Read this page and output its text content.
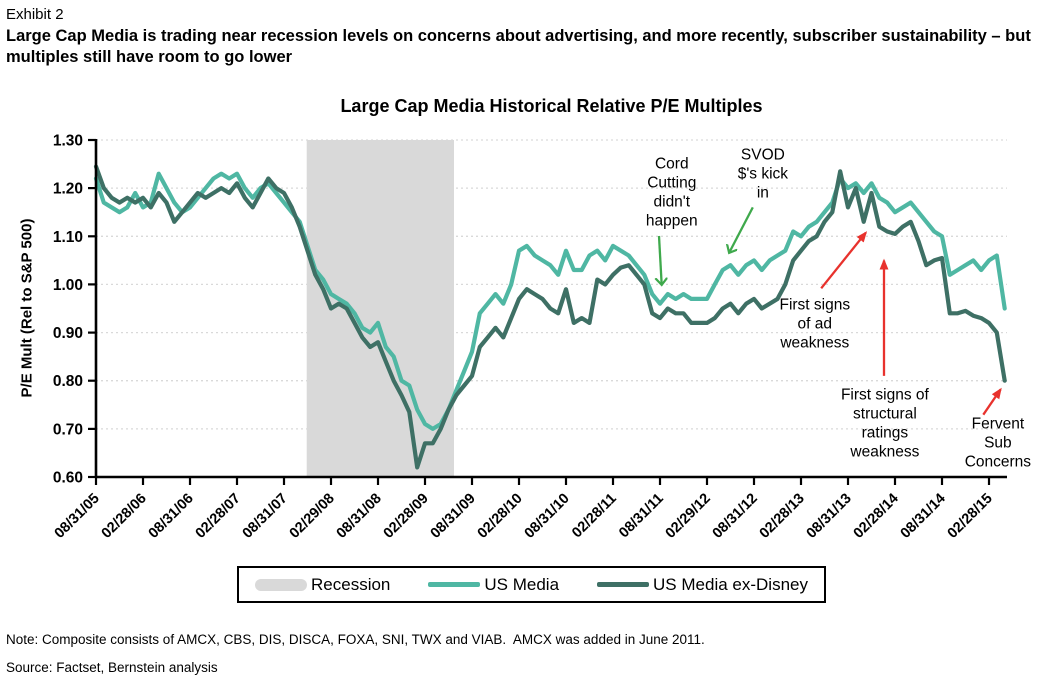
Exhibit 2
Large Cap Media is trading near recession levels on concerns about advertising, and more recently, subscriber sustainability – but multiples still have room to go lower
Large Cap Media Historical Relative P/E Multiples
P/E Mult (Rel to S&P 500)
0.60
0.70
0.80
0.90
1.00
1.10
1.20
1.30
08/31/05
02/28/06
08/31/06
02/28/07
08/31/07
02/29/08
08/31/08
02/28/09
08/31/09
02/28/10
08/31/10
02/28/11
08/31/11
02/29/12
08/31/12
02/28/13
08/31/13
02/28/14
08/31/14
02/28/15
Cord Cutting didn't happen
SVOD $'s kick in
First signs of ad weakness
First signs of structural ratings weakness
Fervent Sub Concerns
Recession	US Media	US Media ex-Disney
Note: Composite consists of AMCX, CBS, DIS, DISCA, FOXA, SNI, TWX and VIAB.  AMCX was added in June 2011.
Source: Factset, Bernstein analysis
